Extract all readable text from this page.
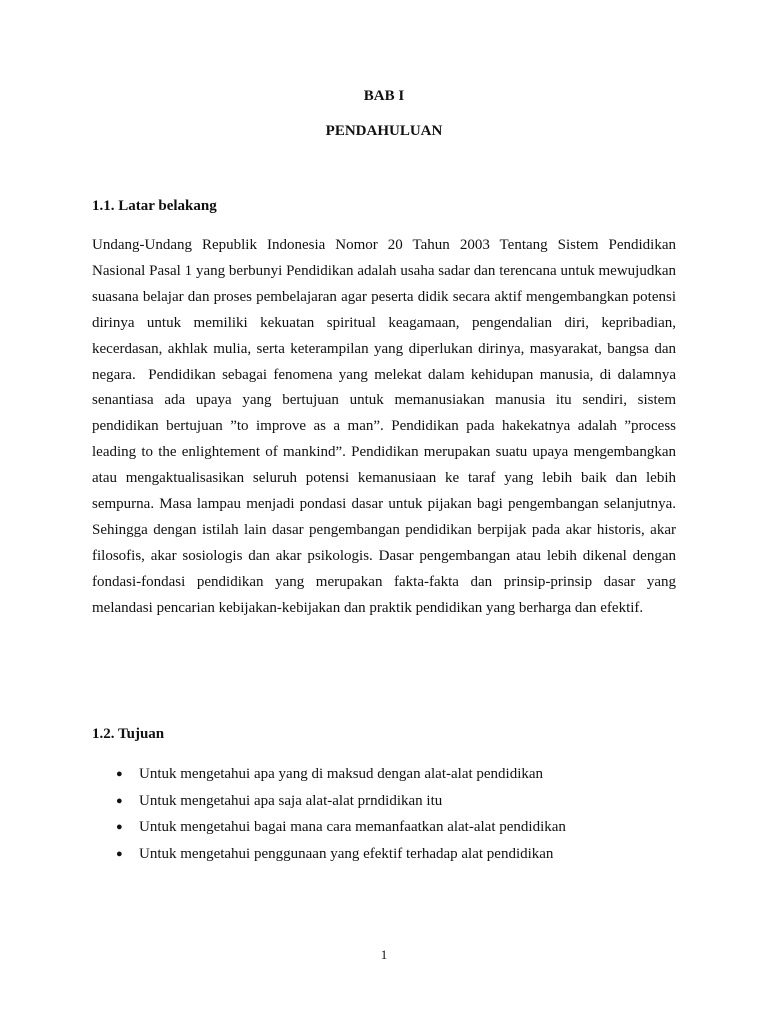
BAB I
PENDAHULUAN
1.1. Latar belakang

Undang-Undang Republik Indonesia Nomor 20 Tahun 2003 Tentang Sistem Pendidikan Nasional Pasal 1 yang berbunyi Pendidikan adalah usaha sadar dan terencana untuk mewujudkan suasana belajar dan proses pembelajaran agar peserta didik secara aktif mengembangkan potensi dirinya untuk memiliki kekuatan spiritual keagamaan, pengendalian diri, kepribadian, kecerdasan, akhlak mulia, serta keterampilan yang diperlukan dirinya, masyarakat, bangsa dan negara.  Pendidikan sebagai fenomena yang melekat dalam kehidupan manusia, di dalamnya senantiasa ada upaya yang bertujuan untuk memanusiakan manusia itu sendiri, sistem pendidikan bertujuan ”to improve as a man”. Pendidikan pada hakekatnya adalah ”process leading to the enlightement of mankind”. Pendidikan merupakan suatu upaya mengembangkan atau mengaktualisasikan seluruh potensi kemanusiaan ke taraf yang lebih baik dan lebih sempurna. Masa lampau menjadi pondasi dasar untuk pijakan bagi pengembangan selanjutnya. Sehingga dengan istilah lain dasar pengembangan pendidikan berpijak pada akar historis, akar filosofis, akar sosiologis dan akar psikologis. Dasar pengembangan atau lebih dikenal dengan fondasi-fondasi pendidikan yang merupakan fakta-fakta dan prinsip-prinsip dasar yang melandasi pencarian kebijakan-kebijakan dan praktik pendidikan yang berharga dan efektif.

1.2. Tujuan
● Untuk mengetahui apa yang di maksud dengan alat-alat pendidikan
● Untuk mengetahui apa saja alat-alat prndidikan itu
● Untuk mengetahui bagai mana cara memanfaatkan alat-alat pendidikan
● Untuk mengetahui penggunaan yang efektif terhadap alat pendidikan
1
